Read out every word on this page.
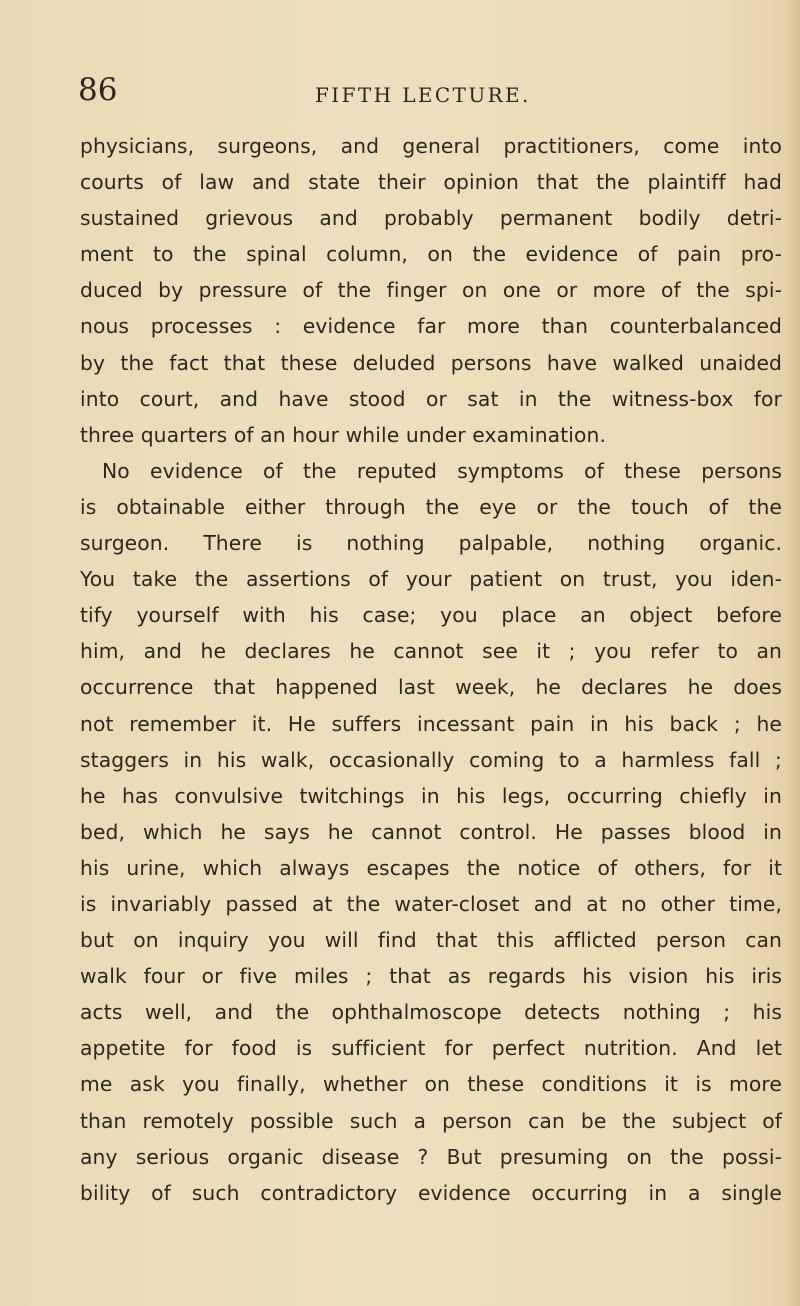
86	FIFTH LECTURE.
physicians, surgeons, and general practitioners, come into
courts of law and state their opinion that the plaintiff had
sustained grievous and probably permanent bodily detri-
ment to the spinal column, on the evidence of pain pro-
duced by pressure of the finger on one or more of the spi-
nous processes : evidence far more than counterbalanced
by the fact that these deluded persons have walked unaided
into court, and have stood or sat in the witness-box for
three quarters of an hour while under examination.
No evidence of the reputed symptoms of these persons
is obtainable either through the eye or the touch of the
surgeon. There is nothing palpable, nothing organic.
You take the assertions of your patient on trust, you iden-
tify yourself with his case; you place an object before
him, and he declares he cannot see it ; you refer to an
occurrence that happened last week, he declares he does
not remember it. He suffers incessant pain in his back ; he
staggers in his walk, occasionally coming to a harmless fall ;
he has convulsive twitchings in his legs, occurring chiefly in
bed, which he says he cannot control. He passes blood in
his urine, which always escapes the notice of others, for it
is invariably passed at the water-closet and at no other time,
but on inquiry you will find that this afflicted person can
walk four or five miles ; that as regards his vision his iris
acts well, and the ophthalmoscope detects nothing ; his
appetite for food is sufficient for perfect nutrition. And let
me ask you finally, whether on these conditions it is more
than remotely possible such a person can be the subject of
any serious organic disease ? But presuming on the possi-
bility of such contradictory evidence occurring in a single
